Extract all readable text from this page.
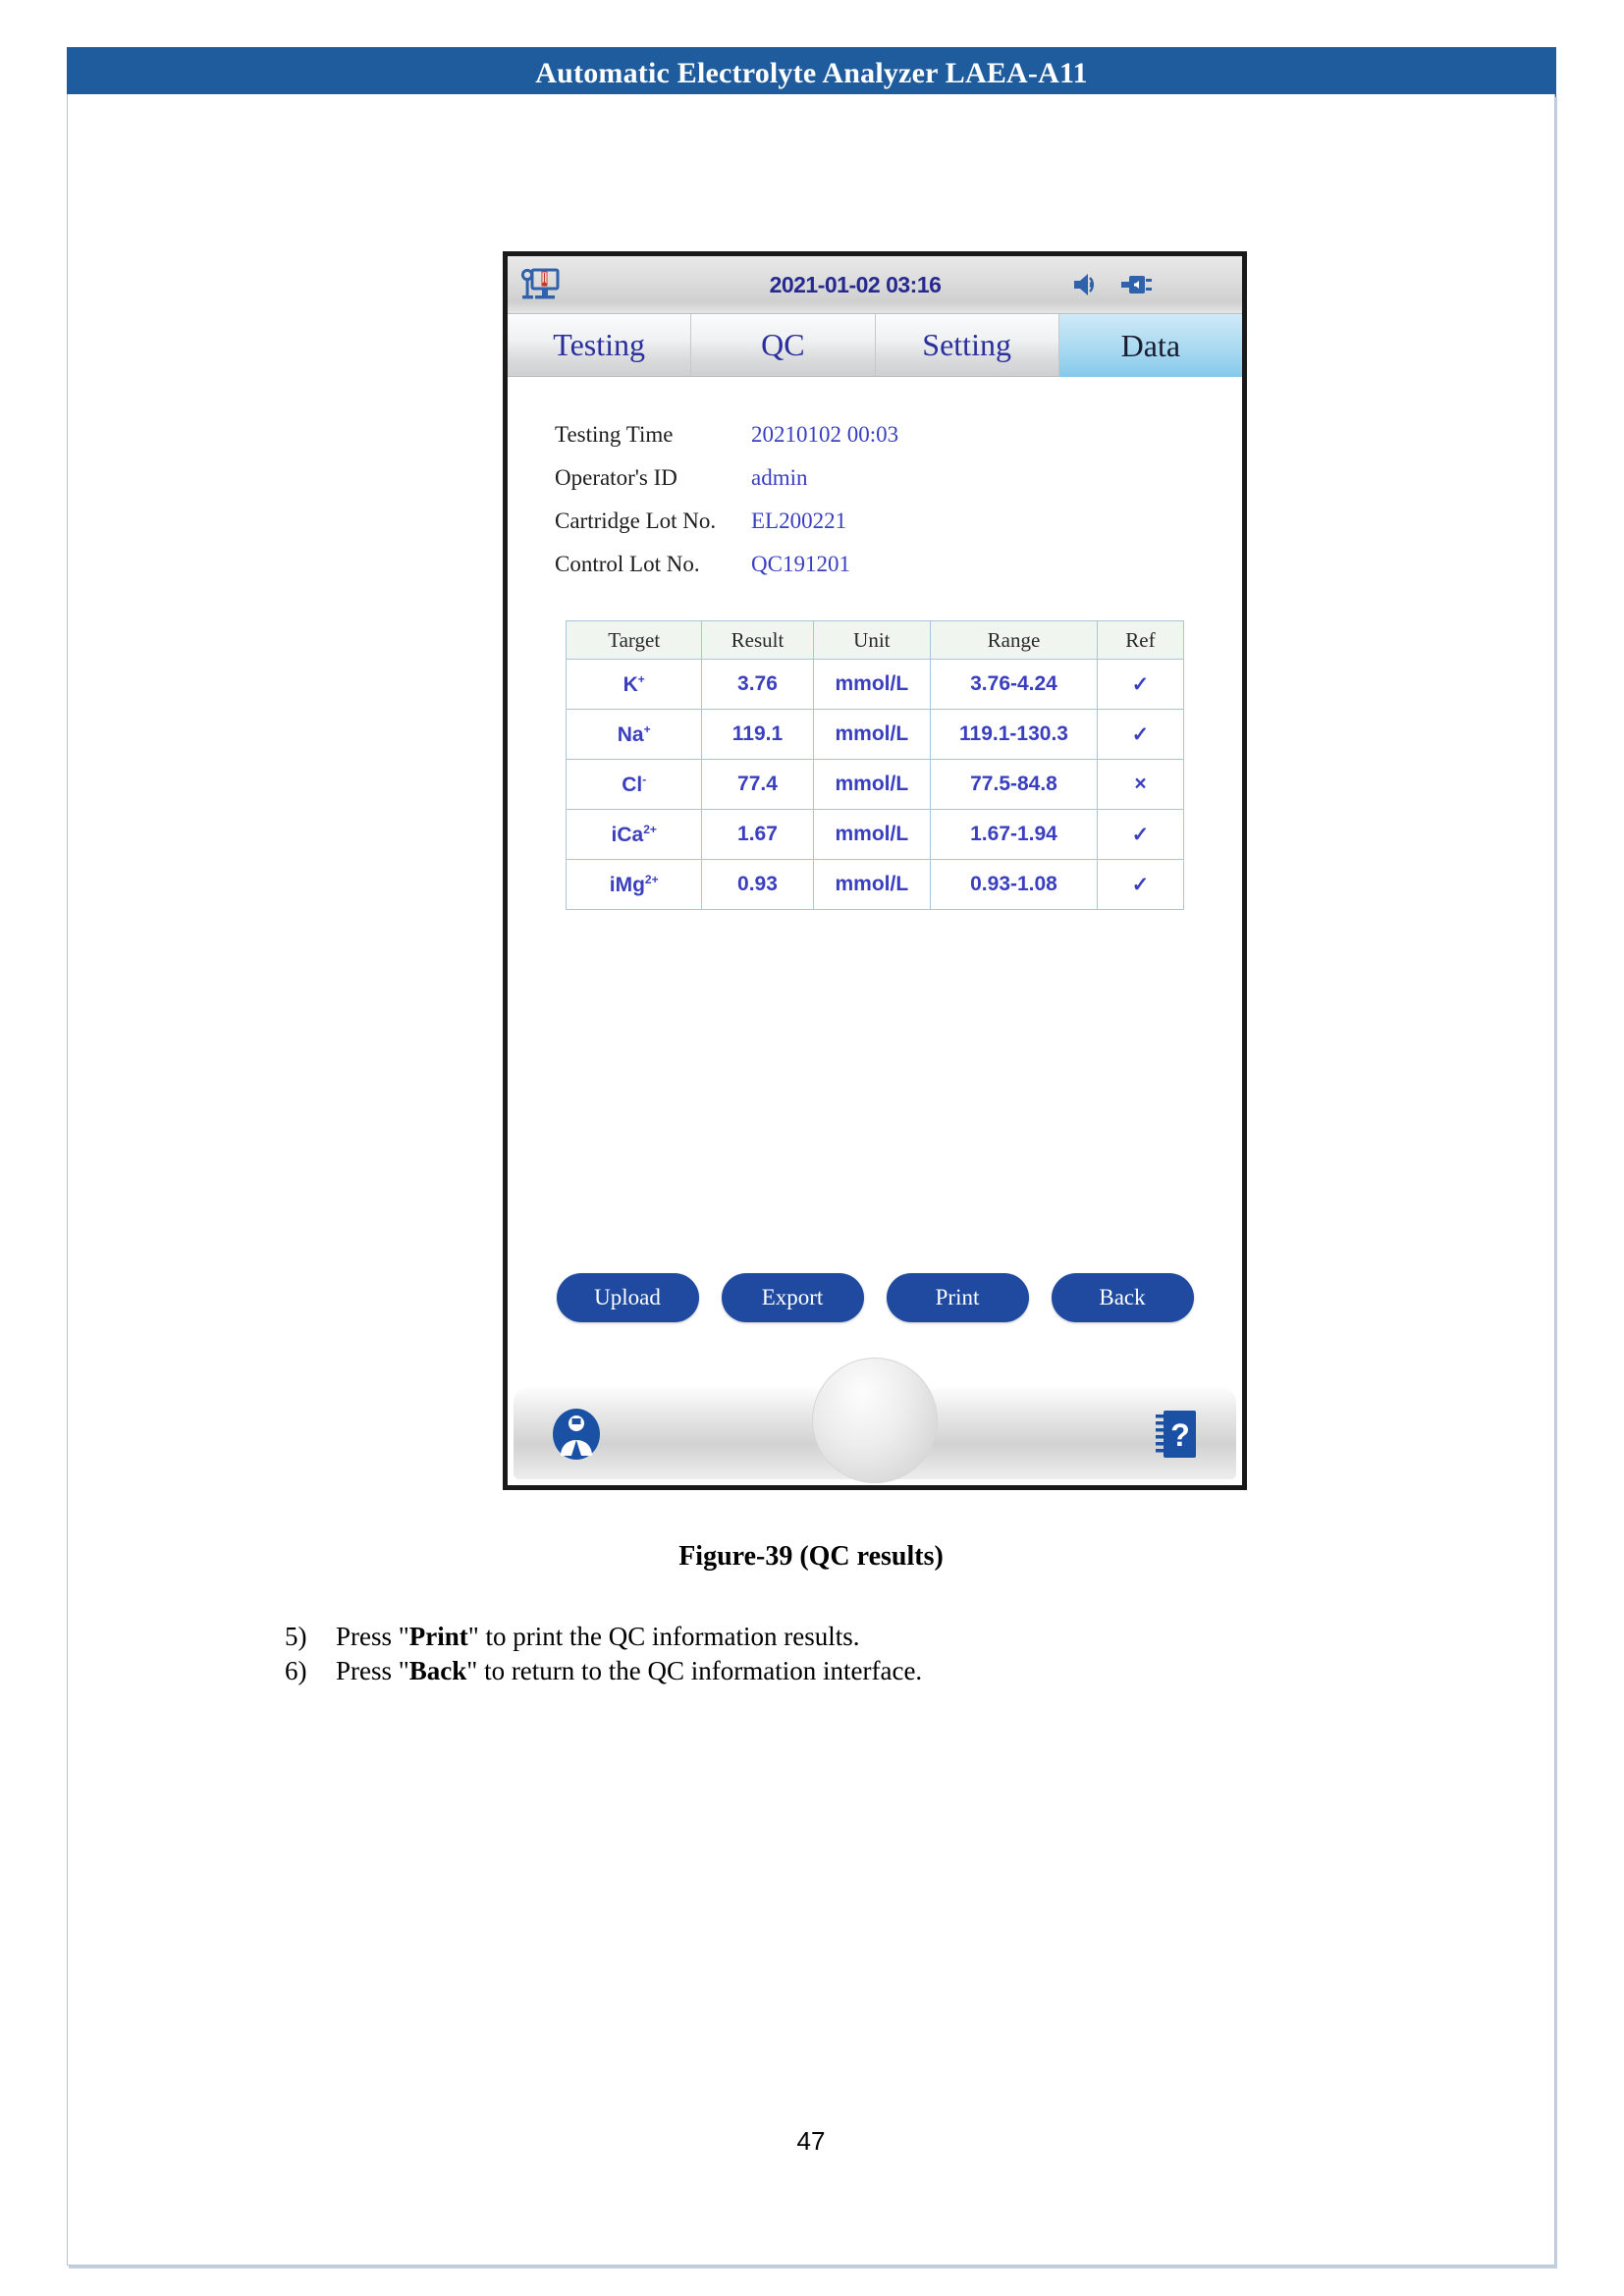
Automatic Electrolyte Analyzer LAEA-A11
2021-01-02 03:16
Testing	QC	Setting	Data
Testing Time	20210102 00:03
Operator's ID	admin
Cartridge Lot No.	EL200221
Control Lot No.	QC191201
Target	Result	Unit	Range	Ref
K+	3.76	mmol/L	3.76-4.24	✓
Na+	119.1	mmol/L	119.1-130.3	✓
Cl-	77.4	mmol/L	77.5-84.8	×
iCa$^{2+}$	1.67	mmol/L	1.67-1.94	✓
iMg$^{2+}$	0.93	mmol/L	0.93-1.08	✓
Upload	Export	Print	Back
?
Figure-39 (QC results)
5)	Press "Print" to print the QC information results.
6)	Press "Back" to return to the QC information interface.
47
